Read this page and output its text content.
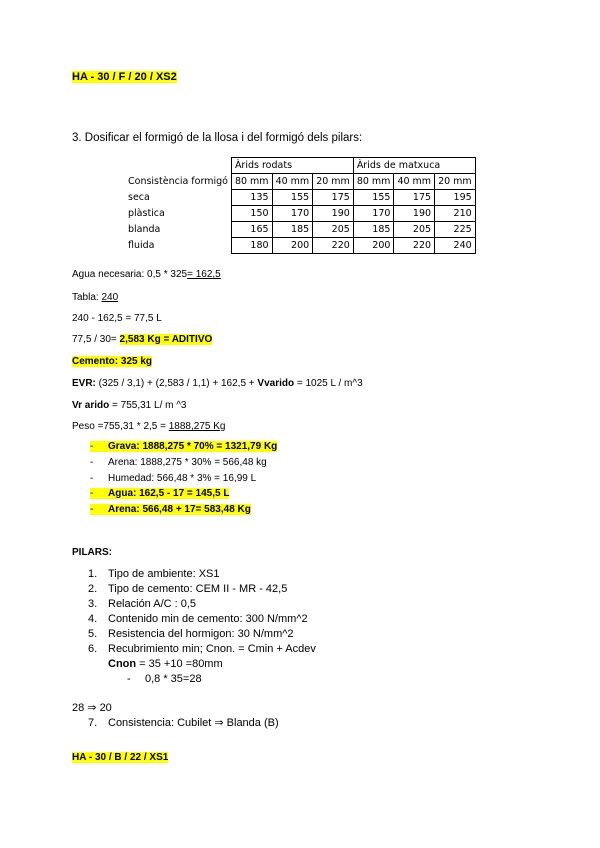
HA - 30 / F / 20 / XS2
3. Dosificar el formigó de la llosa i del formigó dels pilars:
	Àrids rodats			Àrids de matxuca		
Consistència formigó	80 mm	40 mm	20 mm	80 mm	40 mm	20 mm
seca	135	155	175	155	175	195
plàstica	150	170	190	170	190	210
blanda	165	185	205	185	205	225
fluida	180	200	220	200	220	240
Agua necesaria: 0,5 * 325= 162,5
Tabla: 240
240 - 162,5 = 77,5 L
77,5 / 30= 2,583 Kg = ADITIVO
Cemento: 325 kg
EVR: (325 / 3,1) + (2,583 / 1,1) + 162,5 + Vvarido = 1025 L / m^3
Vr arido = 755,31 L/ m ^3
Peso =755,31 * 2,5 = 1888,275 Kg
- Grava: 1888,275 * 70% = 1321,79 Kg
- Arena: 1888,275 * 30% = 566,48 kg
- Humedad: 566,48 * 3% = 16,99 L
- Agua: 162,5 - 17 = 145,5 L
- Arena: 566,48 + 17= 583,48 Kg
PILARS:
1. Tipo de ambiente: XS1
2. Tipo de cemento: CEM II - MR - 42,5
3. Relación A/C : 0,5
4. Contenido min de cemento: 300 N/mm^2
5. Resistencia del hormigon: 30 N/mm^2
6. Recubrimiento min; Cnon. = Cmin + Acdev
Cnon = 35 +10 =80mm
- 0,8 * 35=28
28 ⇒ 20
7. Consistencia: Cubilet ⇒ Blanda (B)
HA - 30 / B / 22 / XS1
